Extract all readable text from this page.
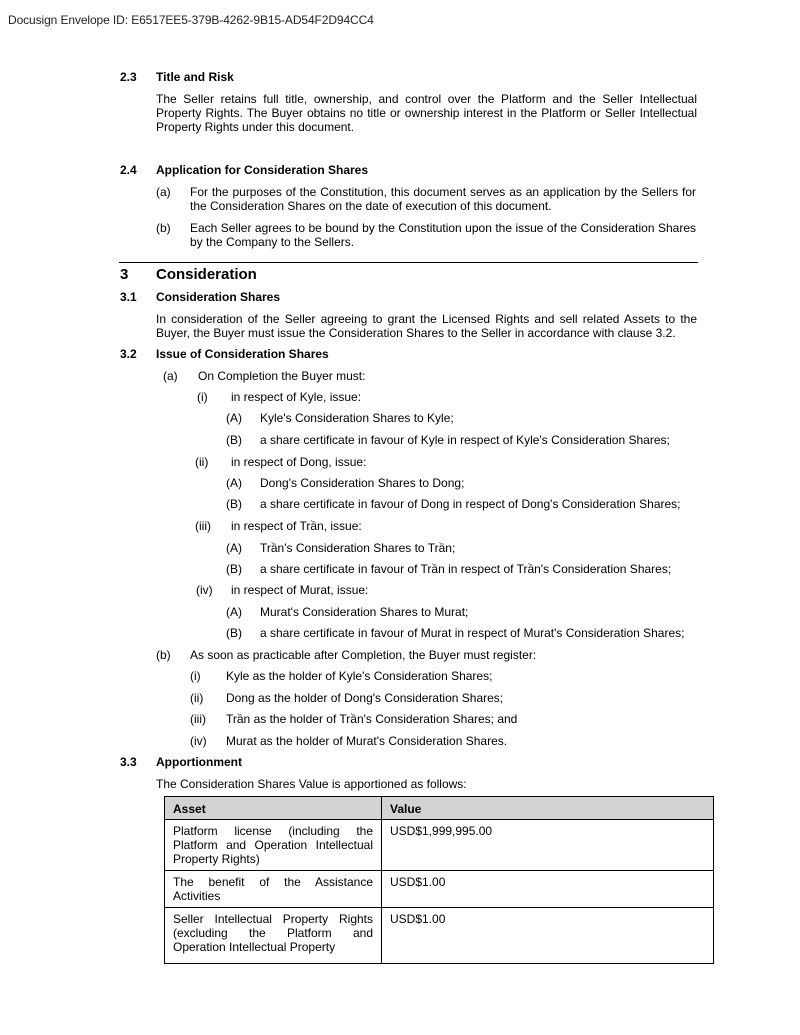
Docusign Envelope ID: E6517EE5-379B-4262-9B15-AD54F2D94CC4
2.3 Title and Risk
The Seller retains full title, ownership, and control over the Platform and the Seller Intellectual Property Rights. The Buyer obtains no title or ownership interest in the Platform or Seller Intellectual Property Rights under this document.
2.4 Application for Consideration Shares
(a) For the purposes of the Constitution, this document serves as an application by the Sellers for the Consideration Shares on the date of execution of this document.
(b) Each Seller agrees to be bound by the Constitution upon the issue of the Consideration Shares by the Company to the Sellers.
3 Consideration
3.1 Consideration Shares
In consideration of the Seller agreeing to grant the Licensed Rights and sell related Assets to the Buyer, the Buyer must issue the Consideration Shares to the Seller in accordance with clause 3.2.
3.2 Issue of Consideration Shares
(a) On Completion the Buyer must:
(i) in respect of Kyle, issue:
(A) Kyle's Consideration Shares to Kyle;
(B) a share certificate in favour of Kyle in respect of Kyle's Consideration Shares;
(ii) in respect of Dong, issue:
(A) Dong's Consideration Shares to Dong;
(B) a share certificate in favour of Dong in respect of Dong's Consideration Shares;
(iii) in respect of Trần, issue:
(A) Trần's Consideration Shares to Trần;
(B) a share certificate in favour of Trần in respect of Trần's Consideration Shares;
(iv) in respect of Murat, issue:
(A) Murat's Consideration Shares to Murat;
(B) a share certificate in favour of Murat in respect of Murat's Consideration Shares;
(b) As soon as practicable after Completion, the Buyer must register:
(i) Kyle as the holder of Kyle's Consideration Shares;
(ii) Dong as the holder of Dong's Consideration Shares;
(iii) Trần as the holder of Trần's Consideration Shares; and
(iv) Murat as the holder of Murat's Consideration Shares.
3.3 Apportionment
The Consideration Shares Value is apportioned as follows:
Asset	Value
Platform license (including the Platform and Operation Intellectual Property Rights)	USD$1,999,995.00
The benefit of the Assistance Activities	USD$1.00
Seller Intellectual Property Rights (excluding the Platform and Operation Intellectual Property	USD$1.00
